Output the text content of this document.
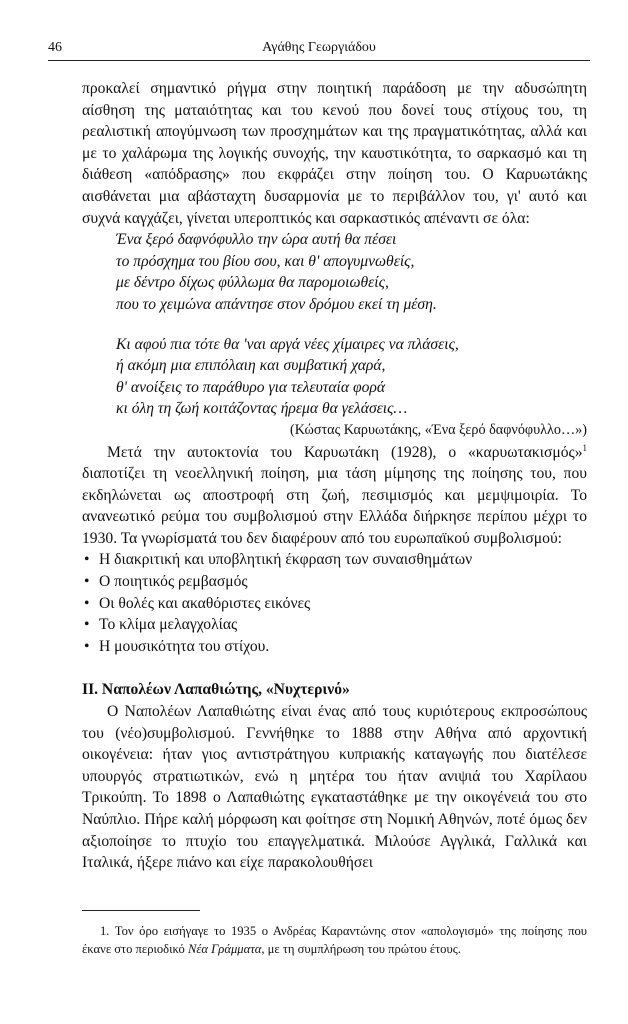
46	Αγάθης Γεωργιάδου

προκαλεί σημαντικό ρήγμα στην ποιητική παράδοση με την αδυσώπητη αίσθηση της ματαιότητας και του κενού που δονεί τους στίχους του, τη ρεαλιστική απογύμνωση των προσχημάτων και της πραγματικότητας, αλλά και με το χαλάρωμα της λογικής συνοχής, την καυστικότητα, το σαρκασμό και τη διάθεση «απόδρασης» που εκφράζει στην ποίηση του. Ο Καρυωτάκης αισθάνεται μια αβάσταχτη δυσαρμονία με το περιβάλλον του, γι' αυτό και συχνά καγχάζει, γίνεται υπεροπτικός και σαρκαστικός απέναντι σε όλα:

Ένα ξερό δαφνόφυλλο την ώρα αυτή θα πέσει
το πρόσχημα του βίου σου, και θ' απογυμνωθείς,
με δέντρο δίχως φύλλωμα θα παρομοιωθείς,
που το χειμώνα απάντησε στον δρόμου εκεί τη μέση.
Κι αφού πια τότε θα 'ναι αργά νέες χίμαιρες να πλάσεις,
ή ακόμη μια επιπόλαιη και συμβατική χαρά,
θ' ανοίξεις το παράθυρο για τελευταία φορά
κι όλη τη ζωή κοιτάζοντας ήρεμα θα γελάσεις…

(Κώστας Καρυωτάκης, «Ένα ξερό δαφνόφυλλο…»)

Μετά την αυτοκτονία του Καρυωτάκη (1928), ο «καρυωτακισμός»$^1$ διαποτίζει τη νεοελληνική ποίηση, μια τάση μίμησης της ποίησης του, που εκδηλώνεται ως αποστροφή στη ζωή, πεσιμισμός και μεμψιμοιρία. Το ανανεωτικό ρεύμα του συμβολισμού στην Ελλάδα διήρκησε περίπου μέχρι το 1930. Τα γνωρίσματά του δεν διαφέρουν από του ευρωπαϊκού συμβολισμού:

• Η διακριτική και υποβλητική έκφραση των συναισθημάτων
• Ο ποιητικός ρεμβασμός
• Οι θολές και ακαθόριστες εικόνες
• Το κλίμα μελαγχολίας
• Η μουσικότητα του στίχου.

II. Ναπολέων Λαπαθιώτης, «Νυχτερινό»

Ο Ναπολέων Λαπαθιώτης είναι ένας από τους κυριότερους εκπροσώπους του (νέο)συμβολισμού. Γεννήθηκε το 1888 στην Αθήνα από αρχοντική οικογένεια: ήταν γιος αντιστράτηγου κυπριακής καταγωγής που διατέλεσε υπουργός στρατιωτικών, ενώ η μητέρα του ήταν ανιψιά του Χαρίλαου Τρικούπη. Το 1898 ο Λαπαθιώτης εγκαταστάθηκε με την οικογένειά του στο Ναύπλιο. Πήρε καλή μόρφωση και φοίτησε στη Νομική Αθηνών, ποτέ όμως δεν αξιοποίησε το πτυχίο του επαγγελματικά. Μιλούσε Αγγλικά, Γαλλικά και Ιταλικά, ήξερε πιάνο και είχε παρακολουθήσει

1. Τον όρο εισήγαγε το 1935 ο Ανδρέας Καραντώνης στον «απολογισμό» της ποίησης που έκανε στο περιοδικό Νέα Γράμματα, με τη συμπλήρωση του πρώτου έτους.
